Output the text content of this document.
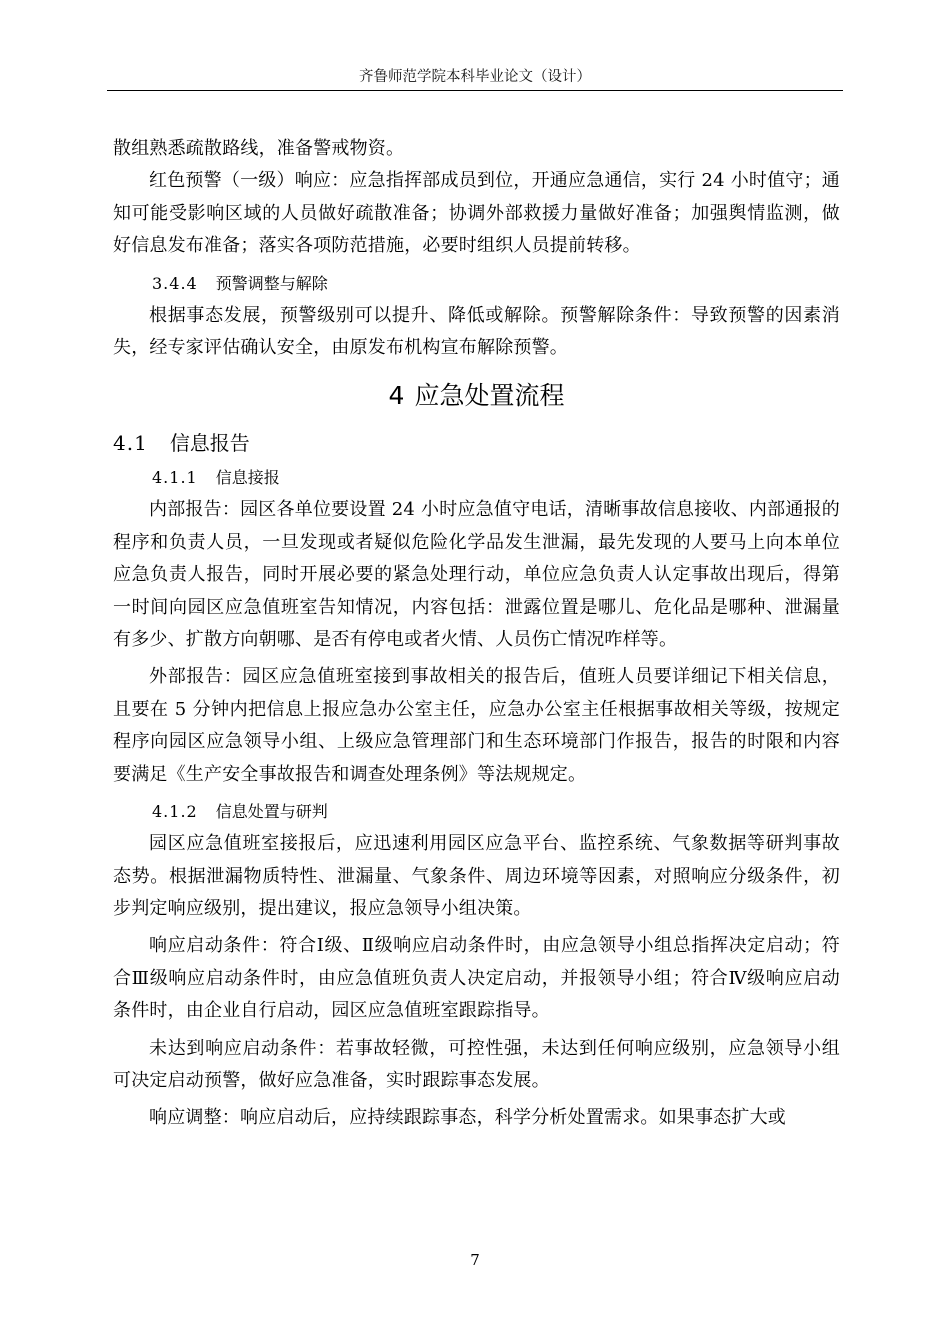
齐鲁师范学院本科毕业论文（设计）

散组熟悉疏散路线，准备警戒物资。

红色预警（一级）响应：应急指挥部成员到位，开通应急通信，实行 24 小时值守；通知可能受影响区域的人员做好疏散准备；协调外部救援力量做好准备；加强舆情监测，做好信息发布准备；落实各项防范措施，必要时组织人员提前转移。

3.4.4 预警调整与解除

根据事态发展，预警级别可以提升、降低或解除。预警解除条件：导致预警的因素消失，经专家评估确认安全，由原发布机构宣布解除预警。

4 应急处置流程
4.1 信息报告
4.1.1 信息接报

内部报告：园区各单位要设置 24 小时应急值守电话，清晰事故信息接收、内部通报的程序和负责人员，一旦发现或者疑似危险化学品发生泄漏，最先发现的人要马上向本单位应急负责人报告，同时开展必要的紧急处理行动，单位应急负责人认定事故出现后，得第一时间向园区应急值班室告知情况，内容包括：泄露位置是哪儿、危化品是哪种、泄漏量有多少、扩散方向朝哪、是否有停电或者火情、人员伤亡情况咋样等。

外部报告：园区应急值班室接到事故相关的报告后，值班人员要详细记下相关信息，且要在 5 分钟内把信息上报应急办公室主任，应急办公室主任根据事故相关等级，按规定程序向园区应急领导小组、上级应急管理部门和生态环境部门作报告，报告的时限和内容要满足《生产安全事故报告和调查处理条例》等法规规定。

4.1.2 信息处置与研判

园区应急值班室接报后，应迅速利用园区应急平台、监控系统、气象数据等研判事故态势。根据泄漏物质特性、泄漏量、气象条件、周边环境等因素，对照响应分级条件，初步判定响应级别，提出建议，报应急领导小组决策。

响应启动条件：符合Ⅰ级、Ⅱ级响应启动条件时，由应急领导小组总指挥决定启动；符合Ⅲ级响应启动条件时，由应急值班负责人决定启动，并报领导小组；符合Ⅳ级响应启动条件时，由企业自行启动，园区应急值班室跟踪指导。

未达到响应启动条件：若事故轻微，可控性强，未达到任何响应级别，应急领导小组可决定启动预警，做好应急准备，实时跟踪事态发展。

响应调整：响应启动后，应持续跟踪事态，科学分析处置需求。如果事态扩大或

7
